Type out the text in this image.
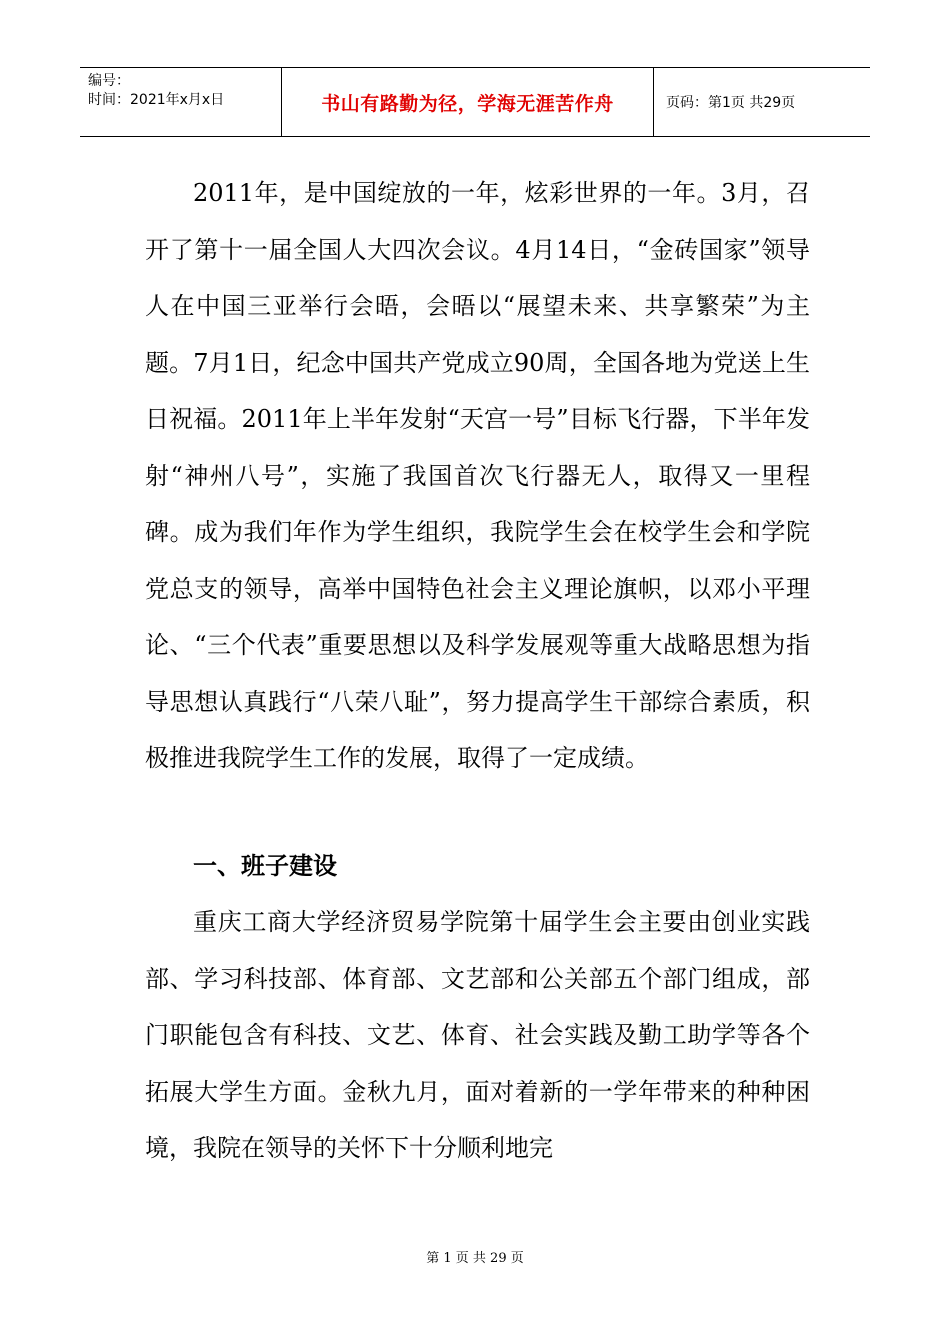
编号：
时间：2021年x月x日	书山有路勤为径，学海无涯苦作舟	页码：第1页 共29页

2011年，是中国绽放的一年，炫彩世界的一年。3月，召开了第十一届全国人大四次会议。4月14日，“金砖国家”领导人在中国三亚举行会晤，会晤以“展望未来、共享繁荣”为主题。7月1日，纪念中国共产党成立90周，全国各地为党送上生日祝福。2011年上半年发射“天宫一号”目标飞行器，下半年发射“神州八号”，实施了我国首次飞行器无人，取得又一里程碑。成为我们年作为学生组织，我院学生会在校学生会和学院党总支的领导，高举中国特色社会主义理论旗帜，以邓小平理论、“三个代表”重要思想以及科学发展观等重大战略思想为指导思想认真践行“八荣八耻”，努力提高学生干部综合素质，积极推进我院学生工作的发展，取得了一定成绩。

一、班子建设

重庆工商大学经济贸易学院第十届学生会主要由创业实践部、学习科技部、体育部、文艺部和公关部五个部门组成，部门职能包含有科技、文艺、体育、社会实践及勤工助学等各个拓展大学生方面。金秋九月，面对着新的一学年带来的种种困境，我院在领导的关怀下十分顺利地完

第 1 页 共 29 页
